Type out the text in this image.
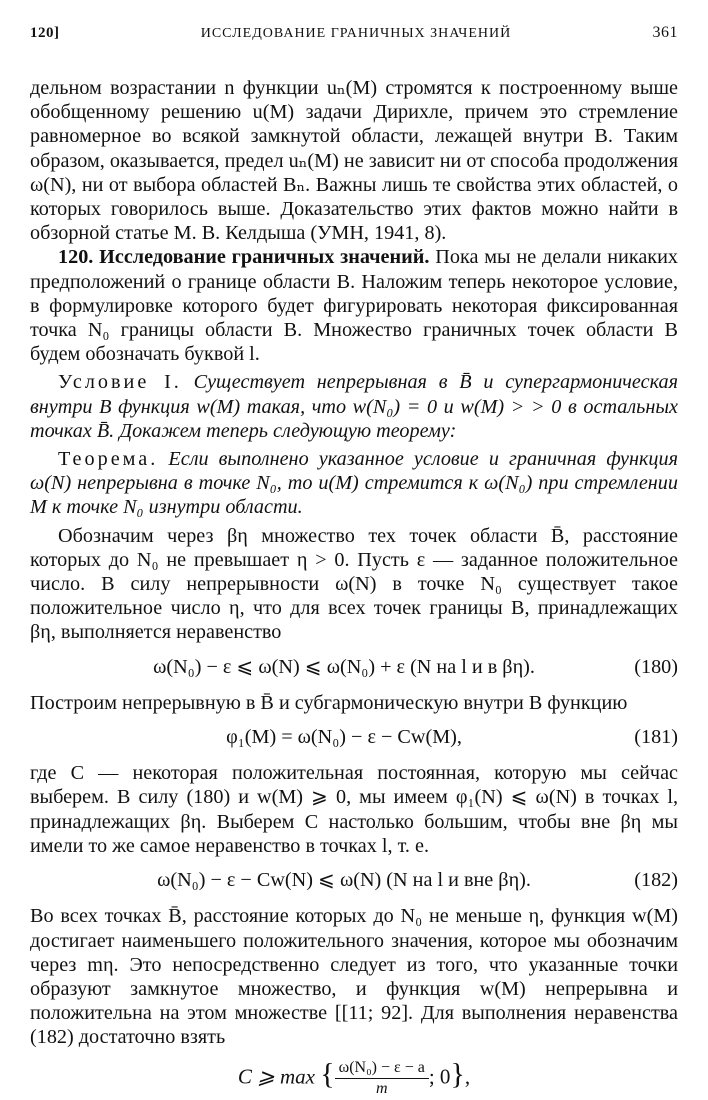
120]	ИССЛЕДОВАНИЕ ГРАНИЧНЫХ ЗНАЧЕНИЙ	361

дельном возрастании n функции uₙ(M) стромятся к построенному выше обобщенному решению u(M) задачи Дирихле, причем это стремление равномерное во всякой замкнутой области, лежащей внутри B. Таким образом, оказывается, предел uₙ(M) не зависит ни от способа продолжения ω(N), ни от выбора областей Bₙ. Важны лишь те свойства этих областей, о которых говорилось выше. Доказательство этих фактов можно найти в обзорной статье М. В. Келдыша (УМН, 1941, 8).

120. Исследование граничных значений. Пока мы не делали никаких предположений о границе области B. Наложим теперь некоторое условие, в формулировке которого будет фигурировать некоторая фиксированная точка N₀ границы области B. Множество граничных точек области B будем обозначать буквой l.

Условие I. Существует непрерывная в B̄ и супергармоническая внутри B функция w(M) такая, что w(N₀) = 0 и w(M) > > 0 в остальных точках B̄. Докажем теперь следующую теорему:

Теорема. Если выполнено указанное условие и граничная функция ω(N) непрерывна в точке N₀, то u(M) стремится к ω(N₀) при стремлении M к точке N₀ изнутри области.

Обозначим через βη множество тех точек области B̄, расстояние которых до N₀ не превышает η > 0. Пусть ε — заданное положительное число. В силу непрерывности ω(N) в точке N₀ существует такое положительное число η, что для всех точек границы B, принадлежащих βη, выполняется неравенство

ω(N₀) − ε ⩽ ω(N) ⩽ ω(N₀) + ε (N на l и в βη).	(180)

Построим непрерывную в B̄ и субгармоническую внутри B функцию

φ₁(M) = ω(N₀) − ε − Cw(M),	(181)

где C — некоторая положительная постоянная, которую мы сейчас выберем. В силу (180) и w(M) ⩾ 0, мы имеем φ₁(N) ⩽ ω(N) в точках l, принадлежащих βη. Выберем C настолько большим, чтобы вне βη мы имели то же самое неравенство в точках l, т. е.

ω(N₀) − ε − Cw(N) ⩽ ω(N) (N на l и вне βη).	(182)

Во всех точках B̄, расстояние которых до N₀ не меньше η, функция w(M) достигает наименьшего положительного значения, которое мы обозначим через mη. Это непосредственно следует из того, что указанные точки образуют замкнутое множество, и функция w(M) непрерывна и положительна на этом множестве [[11; 92]. Для выполнения неравенства (182) достаточно взять

C ⩾ max { $\frac{\text{ω(N₀) − ε − a}}{m}$ ; 0},
